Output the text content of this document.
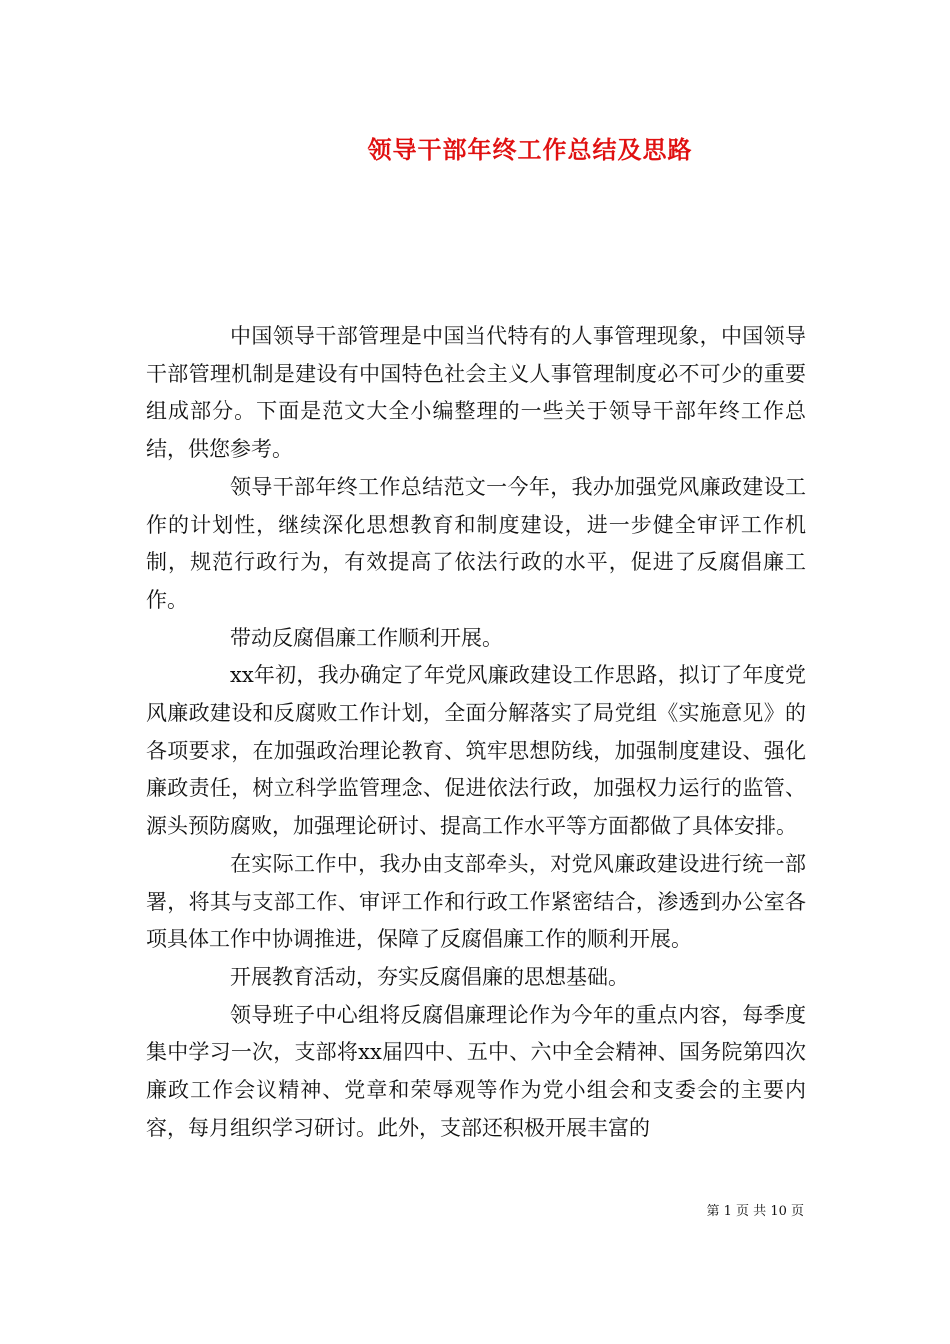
领导干部年终工作总结及思路

中国领导干部管理是中国当代特有的人事管理现象，中国领导干部管理机制是建设有中国特色社会主义人事管理制度必不可少的重要组成部分。下面是范文大全小编整理的一些关于领导干部年终工作总结，供您参考。

领导干部年终工作总结范文一今年，我办加强党风廉政建设工作的计划性，继续深化思想教育和制度建设，进一步健全审评工作机制，规范行政行为，有效提高了依法行政的水平，促进了反腐倡廉工作。

带动反腐倡廉工作顺利开展。

xx年初，我办确定了年党风廉政建设工作思路，拟订了年度党风廉政建设和反腐败工作计划，全面分解落实了局党组《实施意见》的各项要求，在加强政治理论教育、筑牢思想防线，加强制度建设、强化廉政责任，树立科学监管理念、促进依法行政，加强权力运行的监管、源头预防腐败，加强理论研讨、提高工作水平等方面都做了具体安排。

在实际工作中，我办由支部牵头，对党风廉政建设进行统一部署，将其与支部工作、审评工作和行政工作紧密结合，渗透到办公室各项具体工作中协调推进，保障了反腐倡廉工作的顺利开展。

开展教育活动，夯实反腐倡廉的思想基础。

领导班子中心组将反腐倡廉理论作为今年的重点内容，每季度集中学习一次，支部将xx届四中、五中、六中全会精神、国务院第四次廉政工作会议精神、党章和荣辱观等作为党小组会和支委会的主要内容，每月组织学习研讨。此外，支部还积极开展丰富的

第 1 页 共 10 页
